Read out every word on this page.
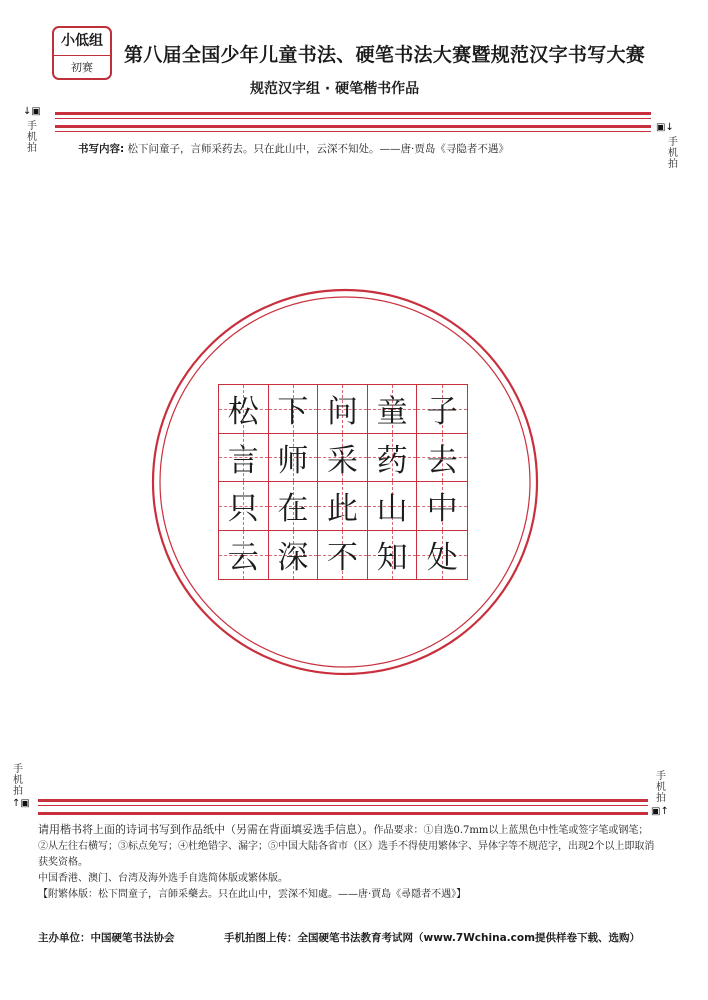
小低组
初赛
第八届全国少年儿童书法、硬笔书法大赛暨规范汉字书写大赛
规范汉字组 · 硬笔楷书作品
↓▣
手
机
拍
▣↓
手
机
拍
书写内容: 松下问童子，言师采药去。只在此山中，云深不知处。——唐·贾岛《寻隐者不遇》
松 下 问 童 子
言 师 采 药 去
只 在 此 山 中
云 深 不 知 处
手
机
拍
↑▣
手
机
拍
▣↑
请用楷书将上面的诗词书写到作品纸中（另需在背面填妥选手信息）。作品要求：①自选0.7mm以上蓝黑色中性笔或签字笔或钢笔；②从左往右横写；③标点免写；④杜绝错字、漏字；⑤中国大陆各省市（区）选手不得使用繁体字、异体字等不规范字，出现2个以上即取消获奖资格。
中国香港、澳门、台湾及海外选手自选简体版或繁体版。
【附繁体版：松下問童子，言師采藥去。只在此山中，雲深不知處。——唐·賈島《尋隱者不遇》】
主办单位：中国硬笔书法协会	手机拍图上传：全国硬笔书法教育考试网（www.7Wchina.com提供样卷下载、选购）
